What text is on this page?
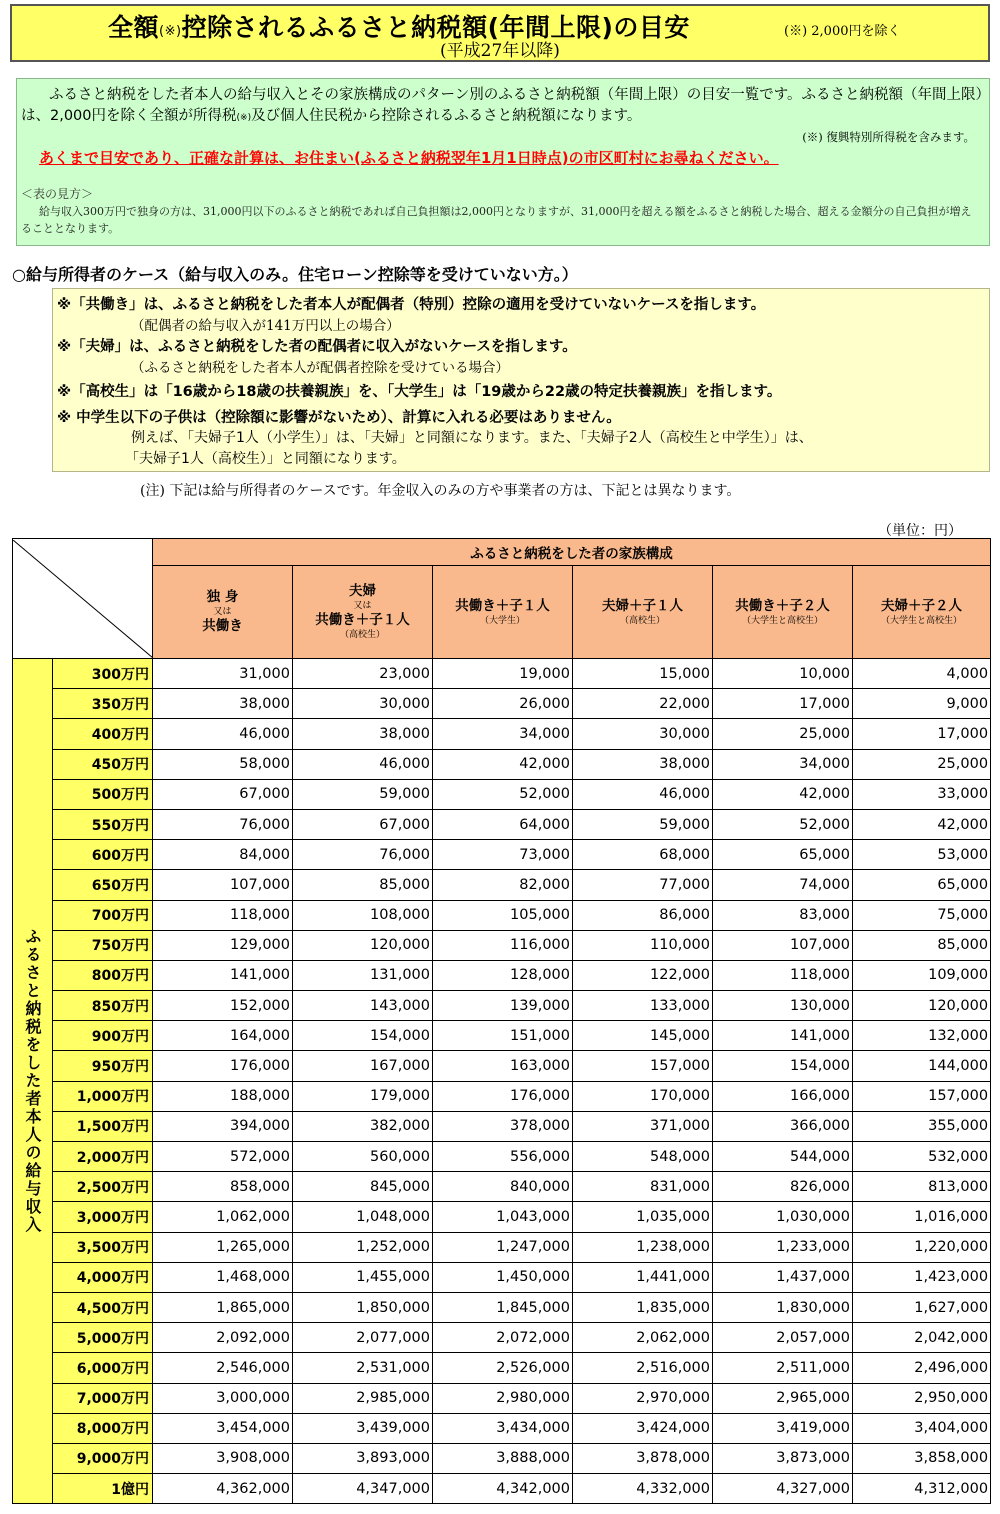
全額(※)控除されるふるさと納税額(年間上限)の目安	(※) 2,000円を除く
(平成27年以降)
ふるさと納税をした者本人の給与収入とその家族構成のパターン別のふるさと納税額（年間上限）の目安一覧です。ふるさと納税額（年間上限）は、2,000円を除く全額が所得税(※)及び個人住民税から控除されるふるさと納税額になります。
(※) 復興特別所得税を含みます。
あくまで目安であり、正確な計算は、お住まい(ふるさと納税翌年1月1日時点)の市区町村にお尋ねください。
＜表の見方＞
給与収入300万円で独身の方は、31,000円以下のふるさと納税であれば自己負担額は2,000円となりますが、31,000円を超える額をふるさと納税した場合、超える金額分の自己負担が増えることとなります。
○給与所得者のケース（給与収入のみ。住宅ローン控除等を受けていない方。）
※「共働き」は、ふるさと納税をした者本人が配偶者（特別）控除の適用を受けていないケースを指します。
（配偶者の給与収入が141万円以上の場合）
※「夫婦」は、ふるさと納税をした者の配偶者に収入がないケースを指します。
（ふるさと納税をした者本人が配偶者控除を受けている場合）
※「高校生」は「16歳から18歳の扶養親族」を、「大学生」は「19歳から22歳の特定扶養親族」を指します。
※ 中学生以下の子供は（控除額に影響がないため）、計算に入れる必要はありません。
例えば、「夫婦子1人（小学生）」は、「夫婦」と同額になります。また、「夫婦子2人（高校生と中学生）」は、
「夫婦子1人（高校生）」と同額になります。
(注) 下記は給与所得者のケースです。年金収入のみの方や事業者の方は、下記とは異なります。
（単位：円）
	ふるさと納税をした者の家族構成					

		独 身
又は
共働き	夫婦
又は
共働き＋子１人
（高校生）	共働き＋子１人
（大学生）	夫婦＋子１人
（高校生）	共働き＋子２人
（大学生と高校生）	夫婦＋子２人
（大学生と高校生）

ふるさと納税をした者本人の給与収入	300万円	31,000	23,000	19,000	15,000	10,000	4,000
	350万円	38,000	30,000	26,000	22,000	17,000	9,000
	400万円	46,000	38,000	34,000	30,000	25,000	17,000
	450万円	58,000	46,000	42,000	38,000	34,000	25,000
	500万円	67,000	59,000	52,000	46,000	42,000	33,000
	550万円	76,000	67,000	64,000	59,000	52,000	42,000
	600万円	84,000	76,000	73,000	68,000	65,000	53,000
	650万円	107,000	85,000	82,000	77,000	74,000	65,000
	700万円	118,000	108,000	105,000	86,000	83,000	75,000
	750万円	129,000	120,000	116,000	110,000	107,000	85,000
	800万円	141,000	131,000	128,000	122,000	118,000	109,000
	850万円	152,000	143,000	139,000	133,000	130,000	120,000
	900万円	164,000	154,000	151,000	145,000	141,000	132,000
	950万円	176,000	167,000	163,000	157,000	154,000	144,000
	1,000万円	188,000	179,000	176,000	170,000	166,000	157,000
	1,500万円	394,000	382,000	378,000	371,000	366,000	355,000
	2,000万円	572,000	560,000	556,000	548,000	544,000	532,000
	2,500万円	858,000	845,000	840,000	831,000	826,000	813,000
	3,000万円	1,062,000	1,048,000	1,043,000	1,035,000	1,030,000	1,016,000
	3,500万円	1,265,000	1,252,000	1,247,000	1,238,000	1,233,000	1,220,000
	4,000万円	1,468,000	1,455,000	1,450,000	1,441,000	1,437,000	1,423,000
	4,500万円	1,865,000	1,850,000	1,845,000	1,835,000	1,830,000	1,627,000
	5,000万円	2,092,000	2,077,000	2,072,000	2,062,000	2,057,000	2,042,000
	6,000万円	2,546,000	2,531,000	2,526,000	2,516,000	2,511,000	2,496,000
	7,000万円	3,000,000	2,985,000	2,980,000	2,970,000	2,965,000	2,950,000
	8,000万円	3,454,000	3,439,000	3,434,000	3,424,000	3,419,000	3,404,000
	9,000万円	3,908,000	3,893,000	3,888,000	3,878,000	3,873,000	3,858,000
	1億円	4,362,000	4,347,000	4,342,000	4,332,000	4,327,000	4,312,000
